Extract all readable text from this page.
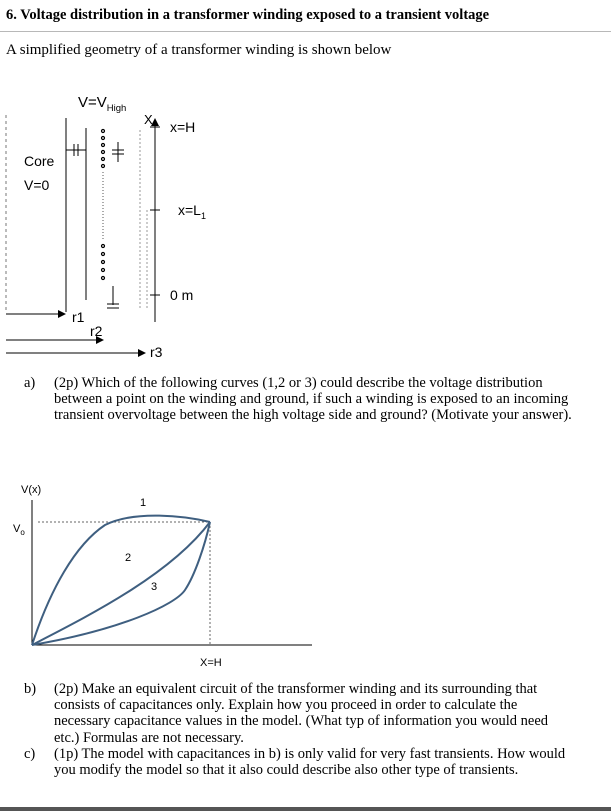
6. Voltage distribution in a transformer winding exposed to a transient voltage
A simplified geometry of a transformer winding is shown below
Core
V=0
$V=V_{High}$
X x=H
$x=L_1$
0 m
r1
r2
r3
a) (2p) Which of the following curves (1,2 or 3) could describe the voltage distribution between a point on the winding and ground, if such a winding is exposed to an incoming transient overvoltage between the high voltage side and ground? (Motivate your answer).
V(x)
$V_o$
X=H
1
2
3
b) (2p) Make an equivalent circuit of the transformer winding and its surrounding that consists of capacitances only. Explain how you proceed in order to calculate the necessary capacitance values in the model. (What typ of information you would need etc.) Formulas are not necessary.
c) (1p) The model with capacitances in b) is only valid for very fast transients. How would you modify the model so that it also could describe also other type of transients.
